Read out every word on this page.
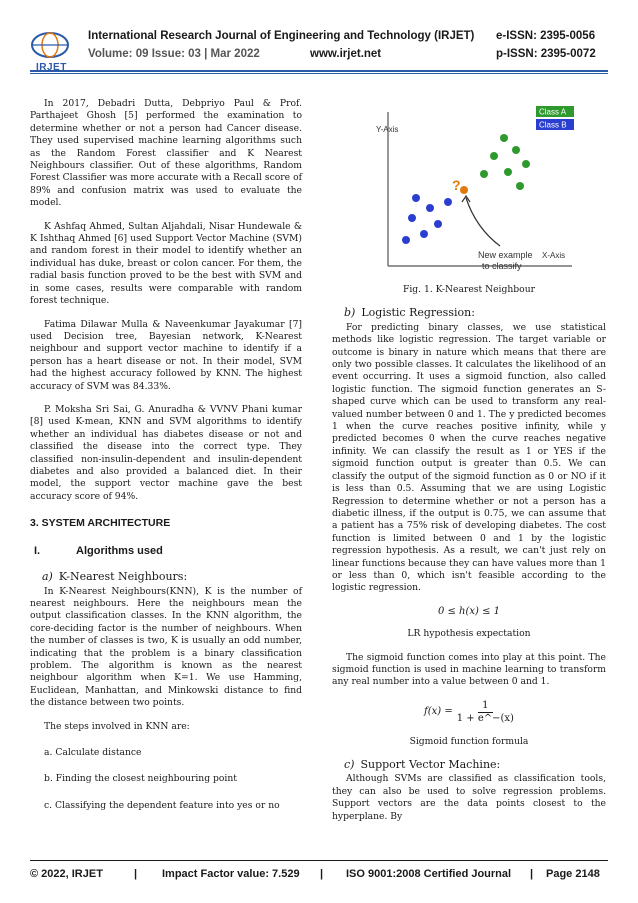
IRJET
International Research Journal of Engineering and Technology (IRJET) e-ISSN: 2395-0056
Volume: 09 Issue: 03 | Mar 2022	www.irjet.net	p-ISSN: 2395-0072

In 2017, Debadri Dutta, Debpriyo Paul & Prof. Parthajeet Ghosh [5] performed the examination to determine whether or not a person had Cancer disease. They used supervised machine learning algorithms such as the Random Forest classifier and K Nearest Neighbours classifier. Out of these algorithms, Random Forest Classifier was more accurate with a Recall score of 89% and confusion matrix was used to evaluate the model.

K Ashfaq Ahmed, Sultan Aljahdali, Nisar Hundewale & K Ishthaq Ahmed [6] used Support Vector Machine (SVM) and random forest in their model to identify whether an individual has duke, breast or colon cancer. For them, the radial basis function proved to be the best with SVM and in some cases, results were comparable with random forest technique.

Fatima Dilawar Mulla & Naveenkumar Jayakumar [7] used Decision tree, Bayesian network, K-Nearest neighbour and support vector machine to identify if a person has a heart disease or not. In their model, SVM had the highest accuracy followed by KNN. The highest accuracy of SVM was 84.33%.

P. Moksha Sri Sai, G. Anuradha & VVNV Phani kumar [8] used K-mean, KNN and SVM algorithms to identify whether an individual has diabetes disease or not and classified the disease into the correct type. They classified non-insulin-dependent and insulin-dependent diabetes and also provided a balanced diet. In their model, the support vector machine gave the best accuracy score of 94%.

3. SYSTEM ARCHITECTURE
I.	Algorithms used
a) K-Nearest Neighbours:

In K-Nearest Neighbours(KNN), K is the number of nearest neighbours. Here the neighbours mean the output classification classes. In the KNN algorithm, the core-deciding factor is the number of neighbours. When the number of classes is two, K is usually an odd number, indicating that the problem is a binary classification problem. The algorithm is known as the nearest neighbour algorithm when K=1. We use Hamming, Euclidean, Manhattan, and Minkowski distance to find the distance between two points.

The steps involved in KNN are:

a. Calculate distance

b. Finding the closest neighbouring point

c. Classifying the dependent feature into yes or no

Y-Axis
X-Axis
Class A
Class B
?
New example
to classify

Fig. 1. K-Nearest Neighbour

b) Logistic Regression:

For predicting binary classes, we use statistical methods like logistic regression. The target variable or outcome is binary in nature which means that there are only two possible classes. It calculates the likelihood of an event occurring. It uses a sigmoid function, also called logistic function. The sigmoid function generates an S-shaped curve which can be used to transform any real-valued number between 0 and 1. The y predicted becomes 1 when the curve reaches positive infinity, while y predicted becomes 0 when the curve reaches negative infinity. We can classify the result as 1 or YES if the sigmoid function output is greater than 0.5. We can classify the output of the sigmoid function as 0 or NO if it is less than 0.5. Assuming that we are using Logistic Regression to determine whether or not a person has a diabetic illness, if the output is 0.75, we can assume that a patient has a 75% risk of developing diabetes. The cost function is limited between 0 and 1 by the logistic regression hypothesis. As a result, we can't just rely on linear functions because they can have values more than 1 or less than 0, which isn't feasible according to the logistic regression.

0 ≤ h(x) ≤ 1

LR hypothesis expectation

The sigmoid function comes into play at this point. The sigmoid function is used in machine learning to transform any real number into a value between 0 and 1.

$f(x) = \frac{1}{1 + e\^{}-(x)}$

Sigmoid function formula

c) Support Vector Machine:

Although SVMs are classified as classification tools, they can also be used to solve regression problems. Support vectors are the data points closest to the hyperplane. By

© 2022, IRJET	| Impact Factor value: 7.529 | ISO 9001:2008 Certified Journal | Page 2148
